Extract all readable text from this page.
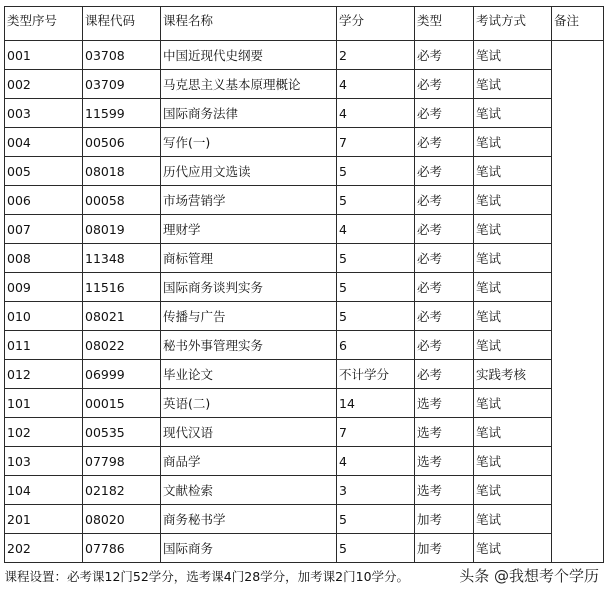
类型序号	课程代码	课程名称	学分	类型	考试方式	备注
001	03708	中国近现代史纲要	2	必考	笔试	
002	03709	马克思主义基本原理概论	4	必考	笔试	
003	11599	国际商务法律	4	必考	笔试	
004	00506	写作(一)	7	必考	笔试	
005	08018	历代应用文选读	5	必考	笔试	
006	00058	市场营销学	5	必考	笔试	
007	08019	理财学	4	必考	笔试	
008	11348	商标管理	5	必考	笔试	
009	11516	国际商务谈判实务	5	必考	笔试	
010	08021	传播与广告	5	必考	笔试	
011	08022	秘书外事管理实务	6	必考	笔试	
012	06999	毕业论文	不计学分	必考	实践考核	
101	00015	英语(二)	14	选考	笔试	
102	00535	现代汉语	7	选考	笔试	
103	07798	商品学	4	选考	笔试	
104	02182	文献检索	3	选考	笔试	
201	08020	商务秘书学	5	加考	笔试	
202	07786	国际商务	5	加考	笔试	
课程设置：必考课12门52学分，选考课4门28学分，加考课2门10学分。							头条 @我想考个学历
